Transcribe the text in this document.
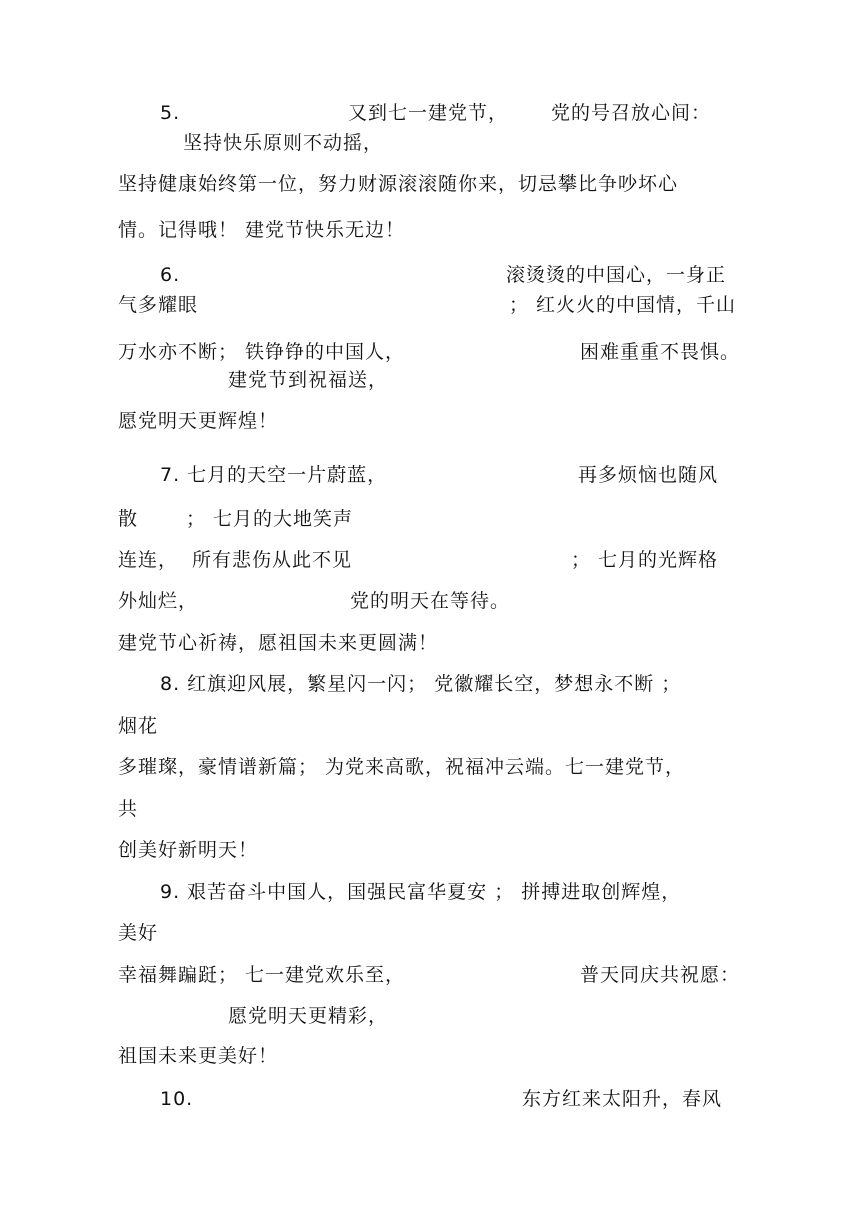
5.	又到七一建党节， 党的号召放心间：
坚持快乐原则不动摇，
坚持健康始终第一位，努力财源滚滚随你来，切忌攀比争吵坏心
情。记得哦！ 建党节快乐无边！
6.	滚烫烫的中国心，一身正
气多耀眼	； 红火火的中国情，千山
万水亦不断； 铁铮铮的中国人，	困难重重不畏惧。
建党节到祝福送，
愿党明天更辉煌！
7. 七月的天空一片蔚蓝，	再多烦恼也随风
散	； 七月的大地笑声
连连， 所有悲伤从此不见	； 七月的光辉格
外灿烂，	党的明天在等待。
建党节心祈祷，愿祖国未来更圆满！
8. 红旗迎风展，繁星闪一闪； 党徽耀长空，梦想永不断 ；
烟花
多璀璨，豪情谱新篇； 为党来高歌，祝福冲云端。七一建党节，
共
创美好新明天！
9. 艰苦奋斗中国人，国强民富华夏安 ； 拼搏进取创辉煌，
美好
幸福舞蹁跹； 七一建党欢乐至，	普天同庆共祝愿：
愿党明天更精彩，
祖国未来更美好！
10.	东方红来太阳升，春风
